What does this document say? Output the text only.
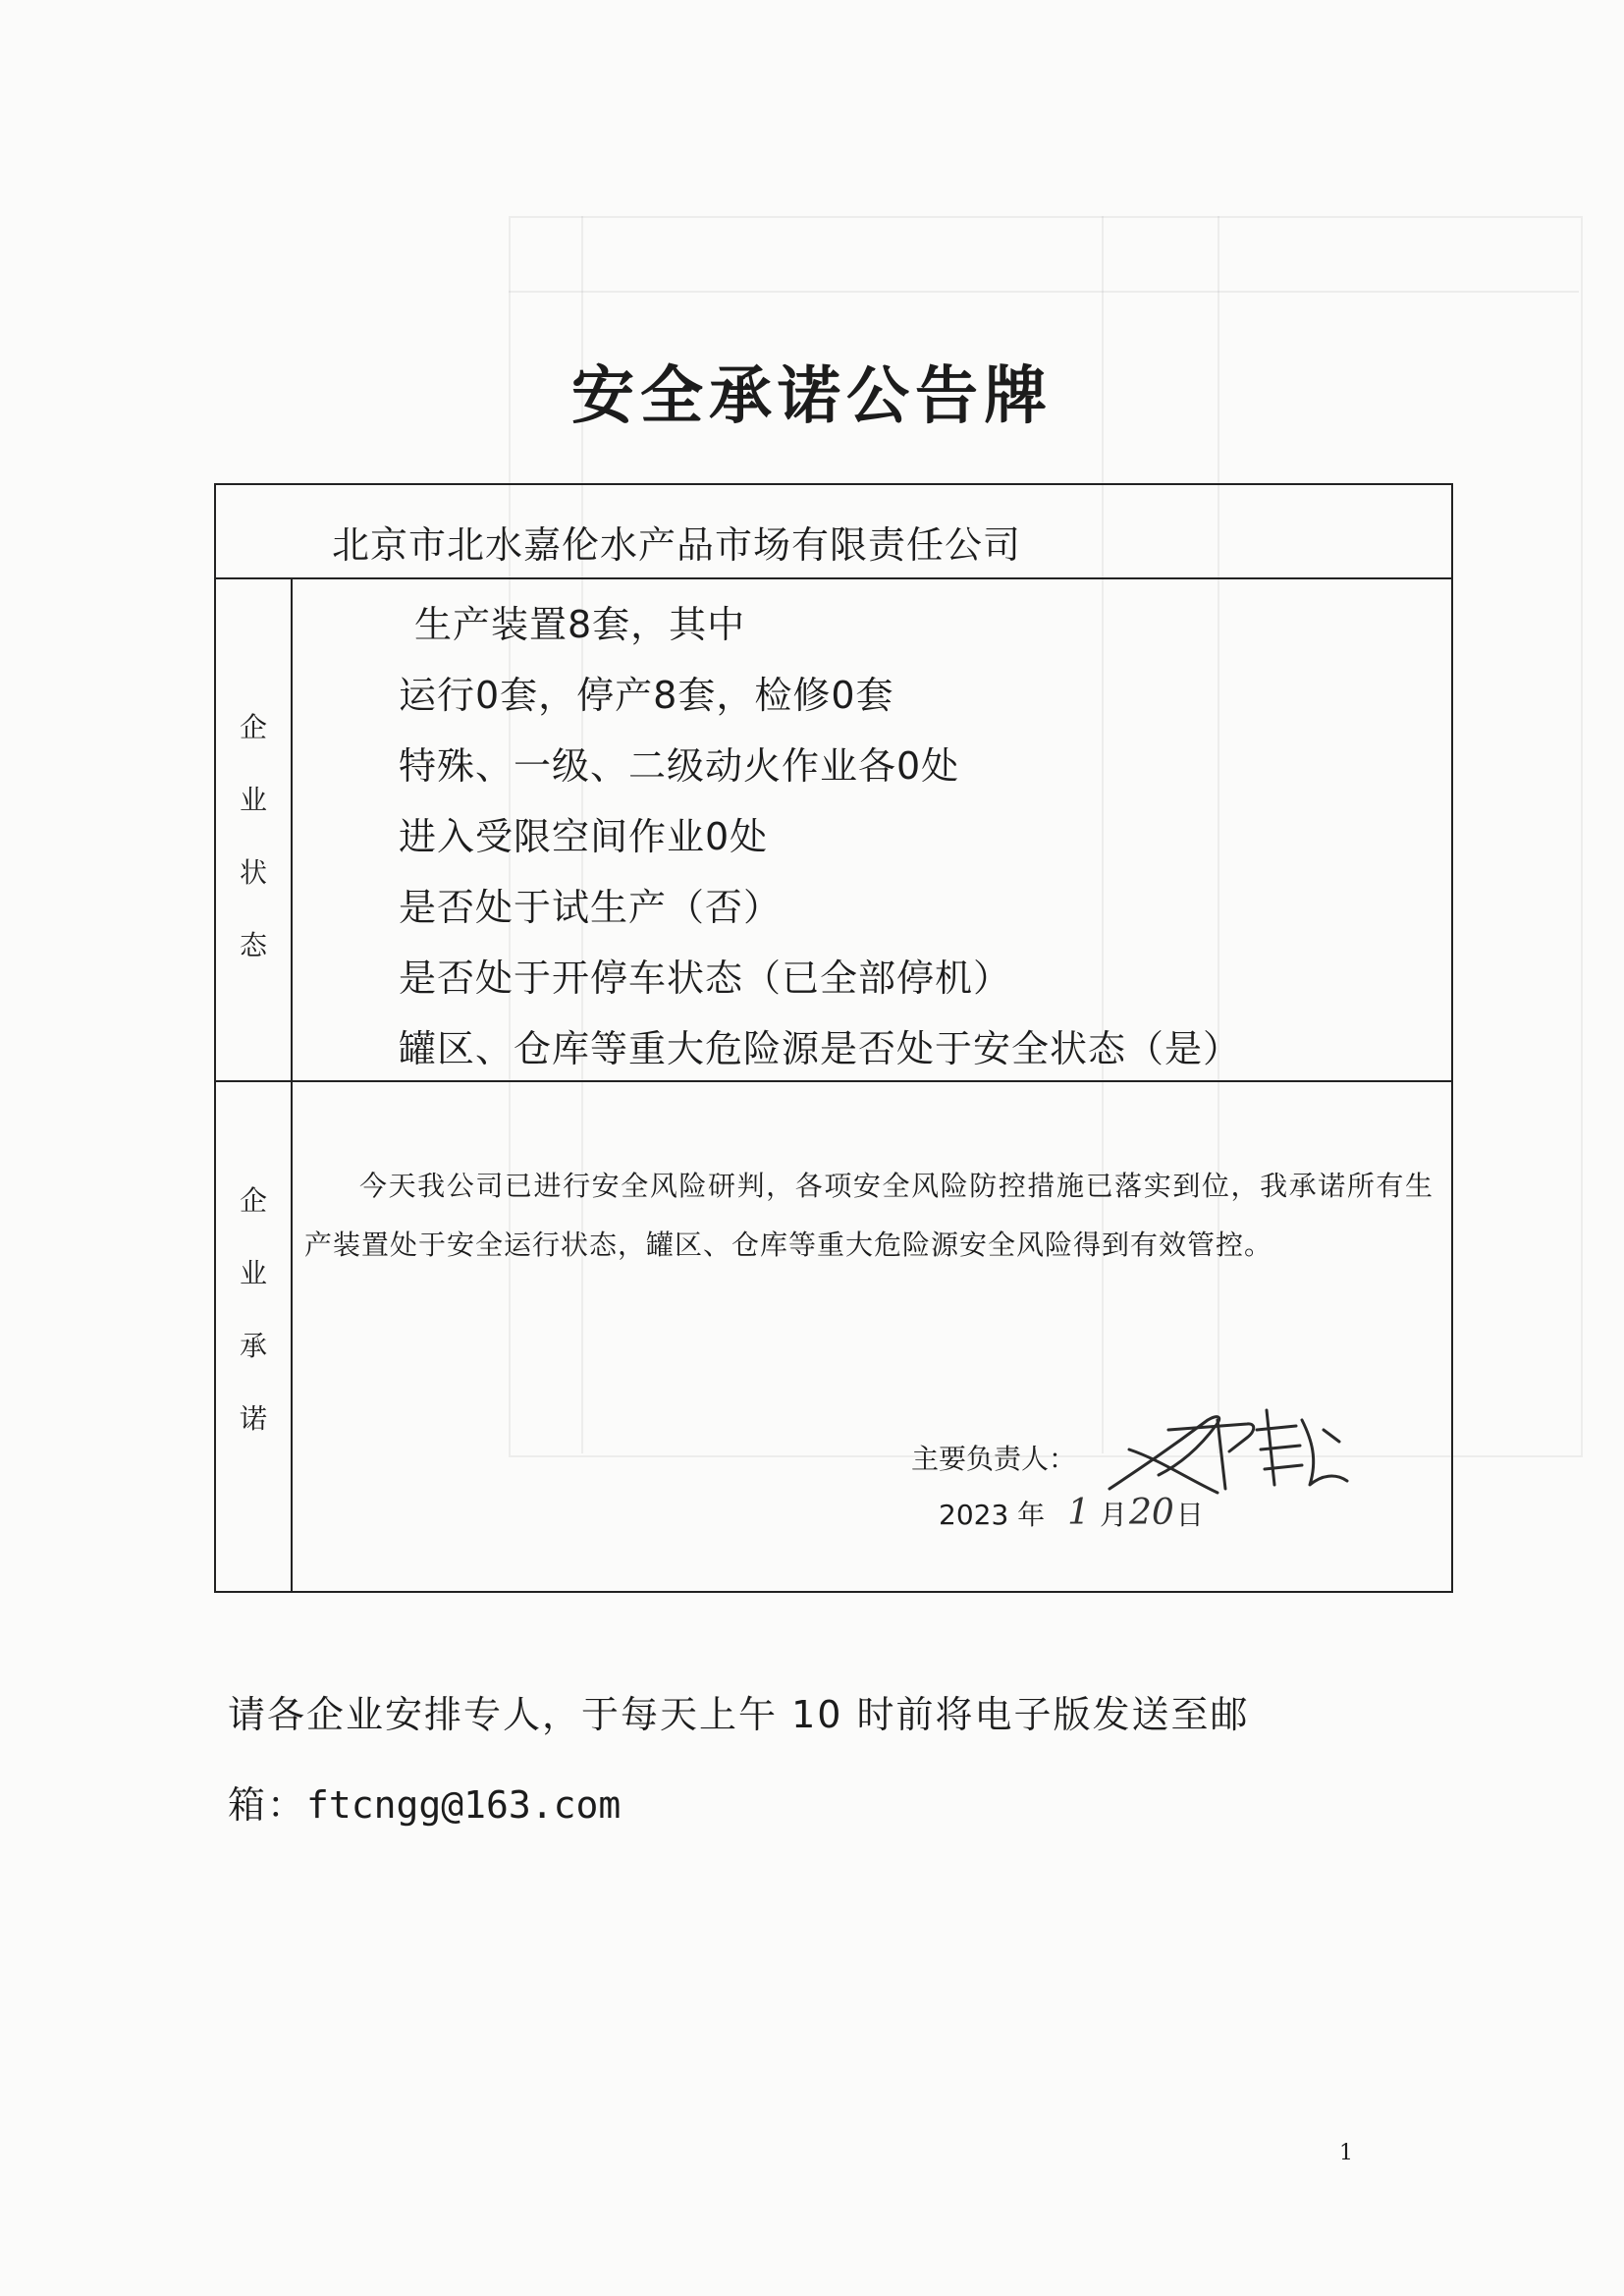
安全承诺公告牌
北京市北水嘉伦水产品市场有限责任公司
企
业
状
态
生产装置8套，其中
运行0套，停产8套，检修0套
特殊、一级、二级动火作业各0处
进入受限空间作业0处
是否处于试生产（否）
是否处于开停车状态（已全部停机）
罐区、仓库等重大危险源是否处于安全状态（是）
企
业
承
诺
今天我公司已进行安全风险研判，各项安全风险防控措施已落实到位，我承诺所有生产装置处于安全运行状态，罐区、仓库等重大危险源安全风险得到有效管控。
主要负责人：
2023 年 1 月20日
请各企业安排专人，于每天上午 10 时前将电子版发送至邮
箱：ftcngg@163.com
1
